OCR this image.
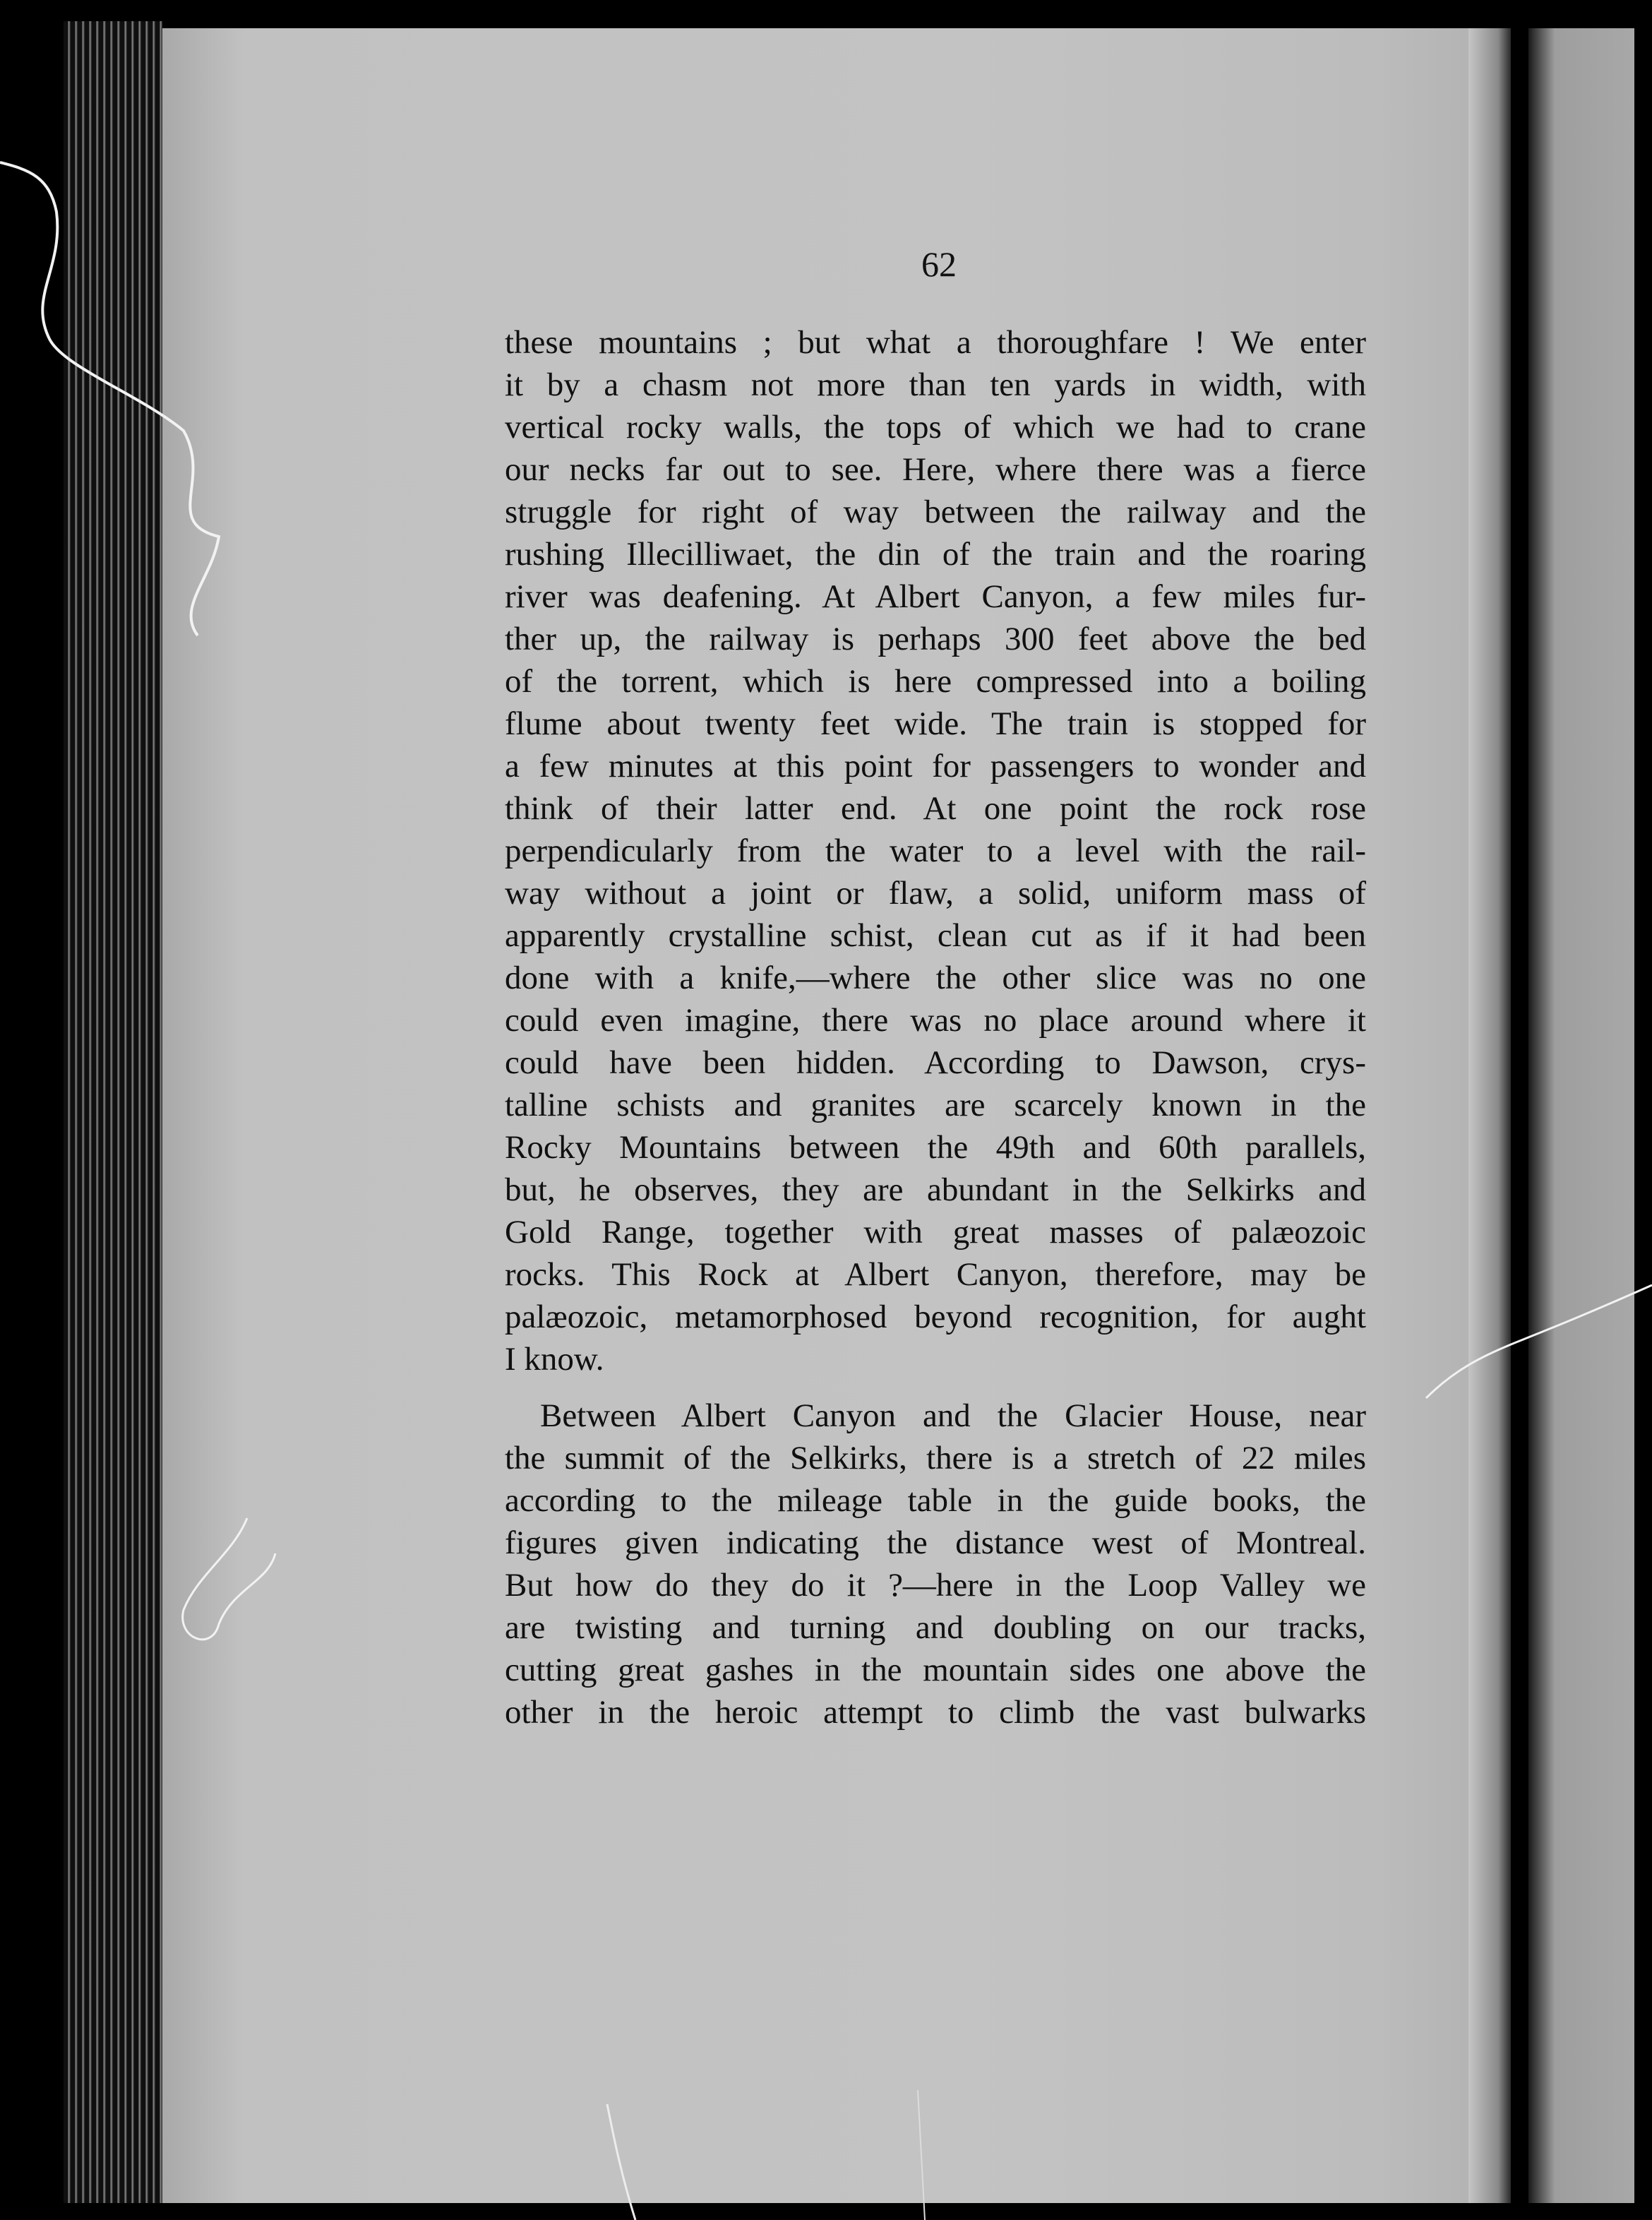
62

these mountains ; but what a thoroughfare ! We enter
it by a chasm not more than ten yards in width, with
vertical rocky walls, the tops of which we had to crane
our necks far out to see. Here, where there was a fierce
struggle for right of way between the railway and the
rushing Illecilliwaet, the din of the train and the roaring
river was deafening. At Albert Canyon, a few miles fur-
ther up, the railway is perhaps 300 feet above the bed
of the torrent, which is here compressed into a boiling
flume about twenty feet wide. The train is stopped for
a few minutes at this point for passengers to wonder and
think of their latter end. At one point the rock rose
perpendicularly from the water to a level with the rail-
way without a joint or flaw, a solid, uniform mass of
apparently crystalline schist, clean cut as if it had been
done with a knife,—where the other slice was no one
could even imagine, there was no place around where it
could have been hidden. According to Dawson, crys-
talline schists and granites are scarcely known in the
Rocky Mountains between the 49th and 60th parallels,
but, he observes, they are abundant in the Selkirks and
Gold Range, together with great masses of palæozoic
rocks. This Rock at Albert Canyon, therefore, may be
palæozoic, metamorphosed beyond recognition, for aught
I know.
Between Albert Canyon and the Glacier House, near
the summit of the Selkirks, there is a stretch of 22 miles
according to the mileage table in the guide books, the
figures given indicating the distance west of Montreal.
But how do they do it ?—here in the Loop Valley we
are twisting and turning and doubling on our tracks,
cutting great gashes in the mountain sides one above the
other in the heroic attempt to climb the vast bulwarks
